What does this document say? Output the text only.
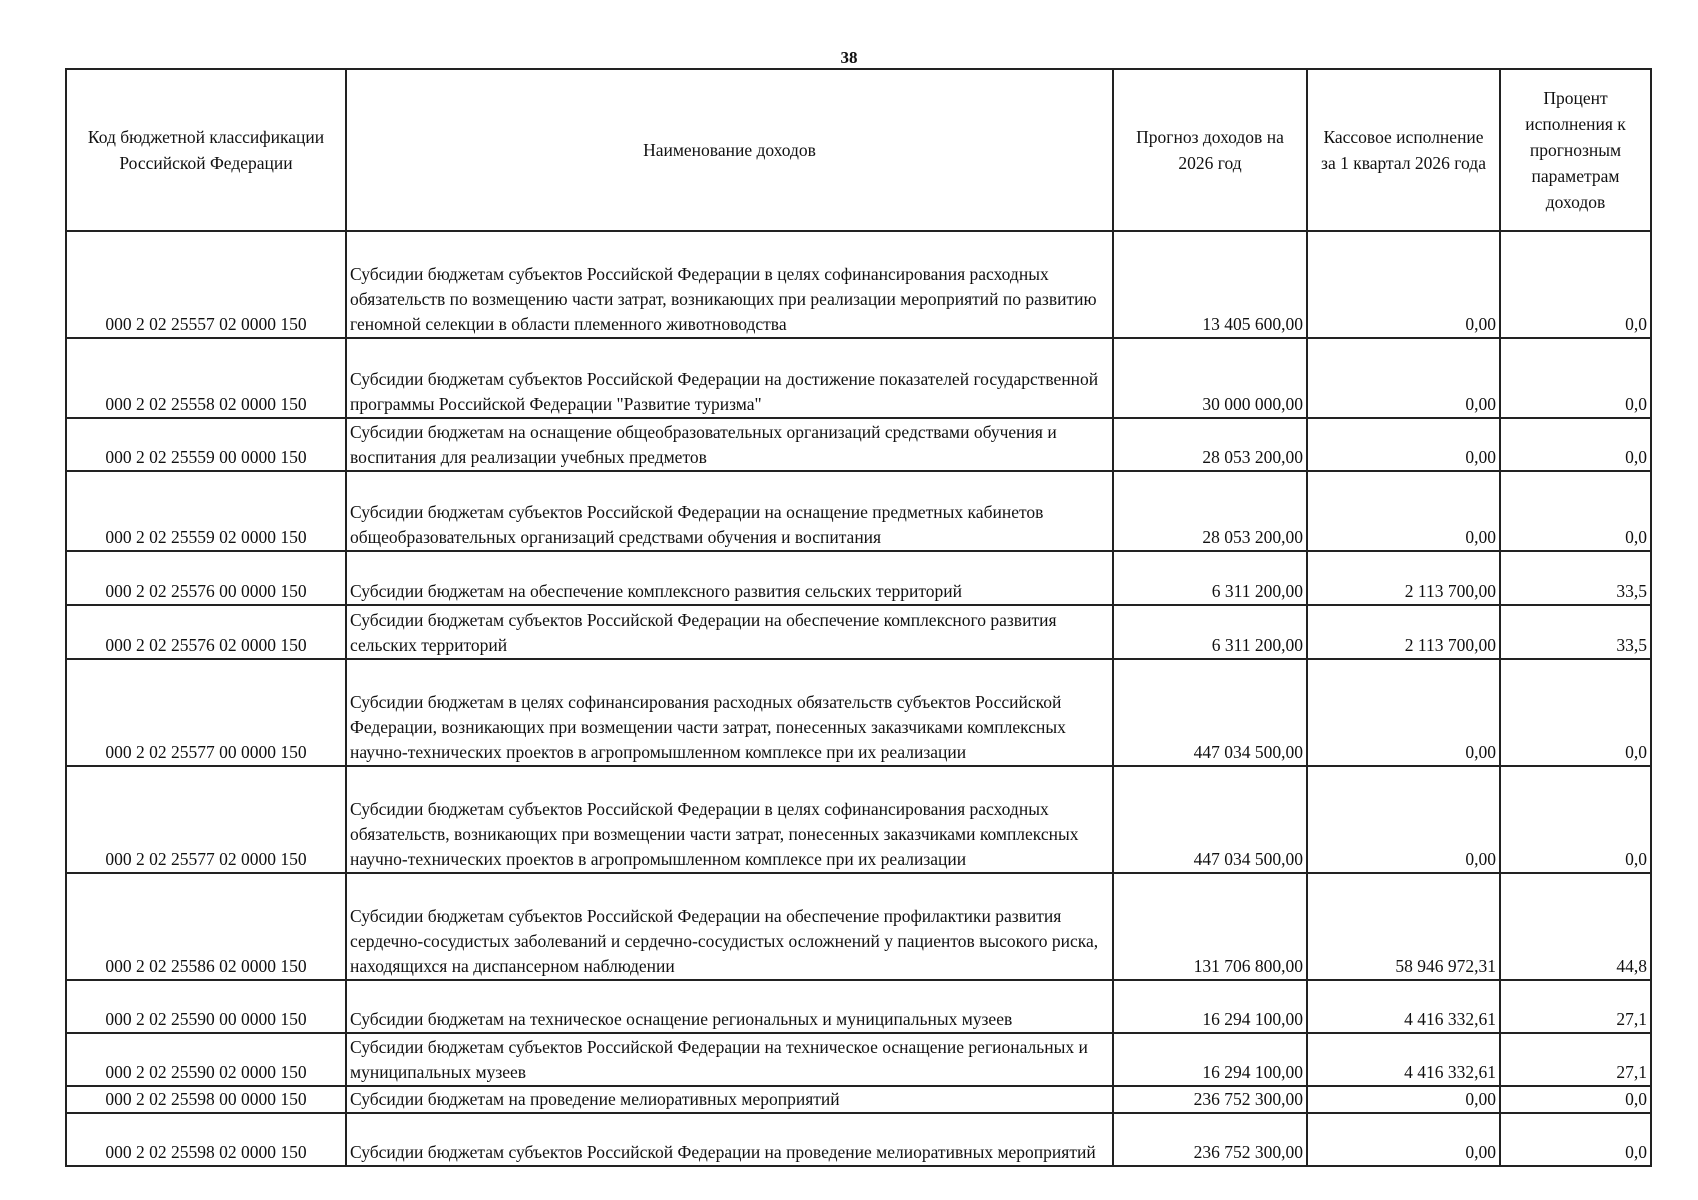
38
Код бюджетной классификации Российской Федерации	Наименование доходов	Прогноз доходов на 2026 год	Кассовое исполнение за 1 квартал 2026 года	Процент исполнения к прогнозным параметрам доходов
000 2 02 25557 02 0000 150	Субсидии бюджетам субъектов Российской Федерации в целях софинансирования расходных обязательств по возмещению части затрат, возникающих при реализации мероприятий по развитию геномной селекции в области племенного животноводства	13 405 600,00	0,00	0,0
000 2 02 25558 02 0000 150	Субсидии бюджетам субъектов Российской Федерации на достижение показателей государственной программы Российской Федерации "Развитие туризма"	30 000 000,00	0,00	0,0
000 2 02 25559 00 0000 150	Субсидии бюджетам на оснащение общеобразовательных организаций средствами обучения и воспитания для реализации учебных предметов	28 053 200,00	0,00	0,0
000 2 02 25559 02 0000 150	Субсидии бюджетам субъектов Российской Федерации на оснащение предметных кабинетов общеобразовательных организаций средствами обучения и воспитания	28 053 200,00	0,00	0,0
000 2 02 25576 00 0000 150	Субсидии бюджетам на обеспечение комплексного развития сельских территорий	6 311 200,00	2 113 700,00	33,5
000 2 02 25576 02 0000 150	Субсидии бюджетам субъектов Российской Федерации на обеспечение комплексного развития сельских территорий	6 311 200,00	2 113 700,00	33,5
000 2 02 25577 00 0000 150	Субсидии бюджетам в целях софинансирования расходных обязательств субъектов Российской Федерации, возникающих при возмещении части затрат, понесенных заказчиками комплексных научно-технических проектов в агропромышленном комплексе при их реализации	447 034 500,00	0,00	0,0
000 2 02 25577 02 0000 150	Субсидии бюджетам субъектов Российской Федерации в целях софинансирования расходных обязательств, возникающих при возмещении части затрат, понесенных заказчиками комплексных научно-технических проектов в агропромышленном комплексе при их реализации	447 034 500,00	0,00	0,0
000 2 02 25586 02 0000 150	Субсидии бюджетам субъектов Российской Федерации на обеспечение профилактики развития сердечно-сосудистых заболеваний и сердечно-сосудистых осложнений у пациентов высокого риска, находящихся на диспансерном наблюдении	131 706 800,00	58 946 972,31	44,8
000 2 02 25590 00 0000 150	Субсидии бюджетам на техническое оснащение региональных и муниципальных музеев	16 294 100,00	4 416 332,61	27,1
000 2 02 25590 02 0000 150	Субсидии бюджетам субъектов Российской Федерации на техническое оснащение региональных и муниципальных музеев	16 294 100,00	4 416 332,61	27,1
000 2 02 25598 00 0000 150	Субсидии бюджетам на проведение мелиоративных мероприятий	236 752 300,00	0,00	0,0
000 2 02 25598 02 0000 150	Субсидии бюджетам субъектов Российской Федерации на проведение мелиоративных мероприятий	236 752 300,00	0,00	0,0
